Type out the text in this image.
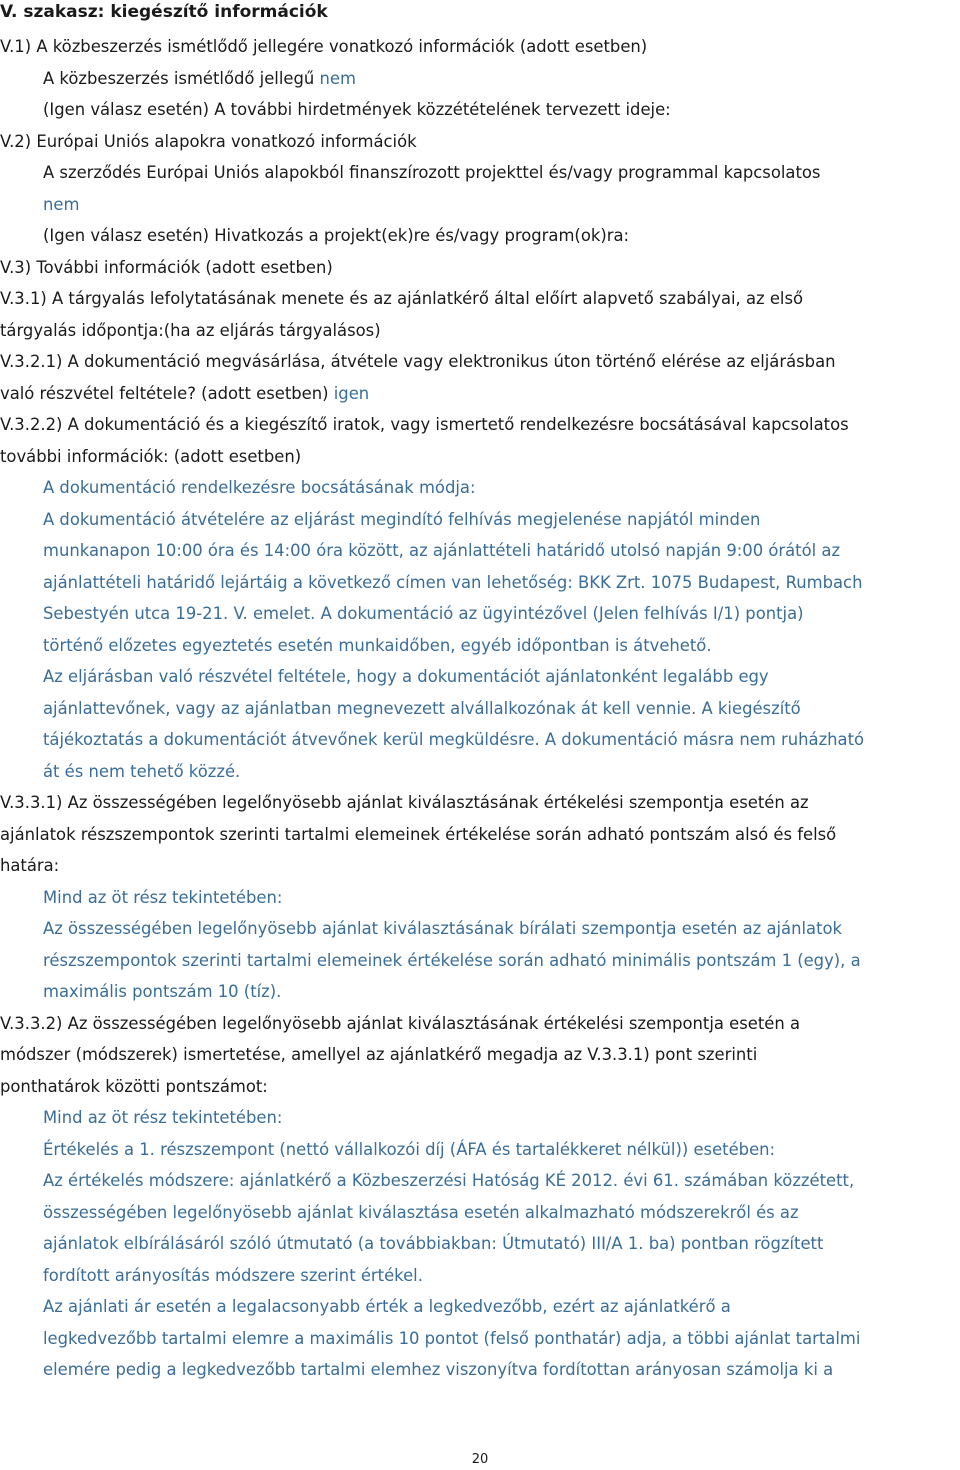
V. szakasz: kiegészítő információk
V.1) A közbeszerzés ismétlődő jellegére vonatkozó információk (adott esetben)
A közbeszerzés ismétlődő jellegű nem
(Igen válasz esetén) A további hirdetmények közzétételének tervezett ideje:
V.2) Európai Uniós alapokra vonatkozó információk
A szerződés Európai Uniós alapokból finanszírozott projekttel és/vagy programmal kapcsolatos
nem
(Igen válasz esetén) Hivatkozás a projekt(ek)re és/vagy program(ok)ra:
V.3) További információk (adott esetben)
V.3.1) A tárgyalás lefolytatásának menete és az ajánlatkérő által előírt alapvető szabályai, az első
tárgyalás időpontja:(ha az eljárás tárgyalásos)
V.3.2.1) A dokumentáció megvásárlása, átvétele vagy elektronikus úton történő elérése az eljárásban
való részvétel feltétele? (adott esetben) igen
V.3.2.2) A dokumentáció és a kiegészítő iratok, vagy ismertető rendelkezésre bocsátásával kapcsolatos
további információk: (adott esetben)
A dokumentáció rendelkezésre bocsátásának módja:
A dokumentáció átvételére az eljárást megindító felhívás megjelenése napjától minden
munkanapon 10:00 óra és 14:00 óra között, az ajánlattételi határidő utolsó napján 9:00 órától az
ajánlattételi határidő lejártáig a következő címen van lehetőség: BKK Zrt. 1075 Budapest, Rumbach
Sebestyén utca 19-21. V. emelet. A dokumentáció az ügyintézővel (Jelen felhívás I/1) pontja)
történő előzetes egyeztetés esetén munkaidőben, egyéb időpontban is átvehető.
Az eljárásban való részvétel feltétele, hogy a dokumentációt ajánlatonként legalább egy
ajánlattevőnek, vagy az ajánlatban megnevezett alvállalkozónak át kell vennie. A kiegészítő
tájékoztatás a dokumentációt átvevőnek kerül megküldésre. A dokumentáció másra nem ruházható
át és nem tehető közzé.
V.3.3.1) Az összességében legelőnyösebb ajánlat kiválasztásának értékelési szempontja esetén az
ajánlatok részszempontok szerinti tartalmi elemeinek értékelése során adható pontszám alsó és felső
határa:
Mind az öt rész tekintetében:
Az összességében legelőnyösebb ajánlat kiválasztásának bírálati szempontja esetén az ajánlatok
részszempontok szerinti tartalmi elemeinek értékelése során adható minimális pontszám 1 (egy), a
maximális pontszám 10 (tíz).
V.3.3.2) Az összességében legelőnyösebb ajánlat kiválasztásának értékelési szempontja esetén a
módszer (módszerek) ismertetése, amellyel az ajánlatkérő megadja az V.3.3.1) pont szerinti
ponthatárok közötti pontszámot:
Mind az öt rész tekintetében:
Értékelés a 1. részszempont (nettó vállalkozói díj (ÁFA és tartalékkeret nélkül)) esetében:
Az értékelés módszere: ajánlatkérő a Közbeszerzési Hatóság KÉ 2012. évi 61. számában közzétett,
összességében legelőnyösebb ajánlat kiválasztása esetén alkalmazható módszerekről és az
ajánlatok elbírálásáról szóló útmutató (a továbbiakban: Útmutató) III/A 1. ba) pontban rögzített
fordított arányosítás módszere szerint értékel.
Az ajánlati ár esetén a legalacsonyabb érték a legkedvezőbb, ezért az ajánlatkérő a
legkedvezőbb tartalmi elemre a maximális 10 pontot (felső ponthatár) adja, a többi ajánlat tartalmi
elemére pedig a legkedvezőbb tartalmi elemhez viszonyítva fordítottan arányosan számolja ki a
20
